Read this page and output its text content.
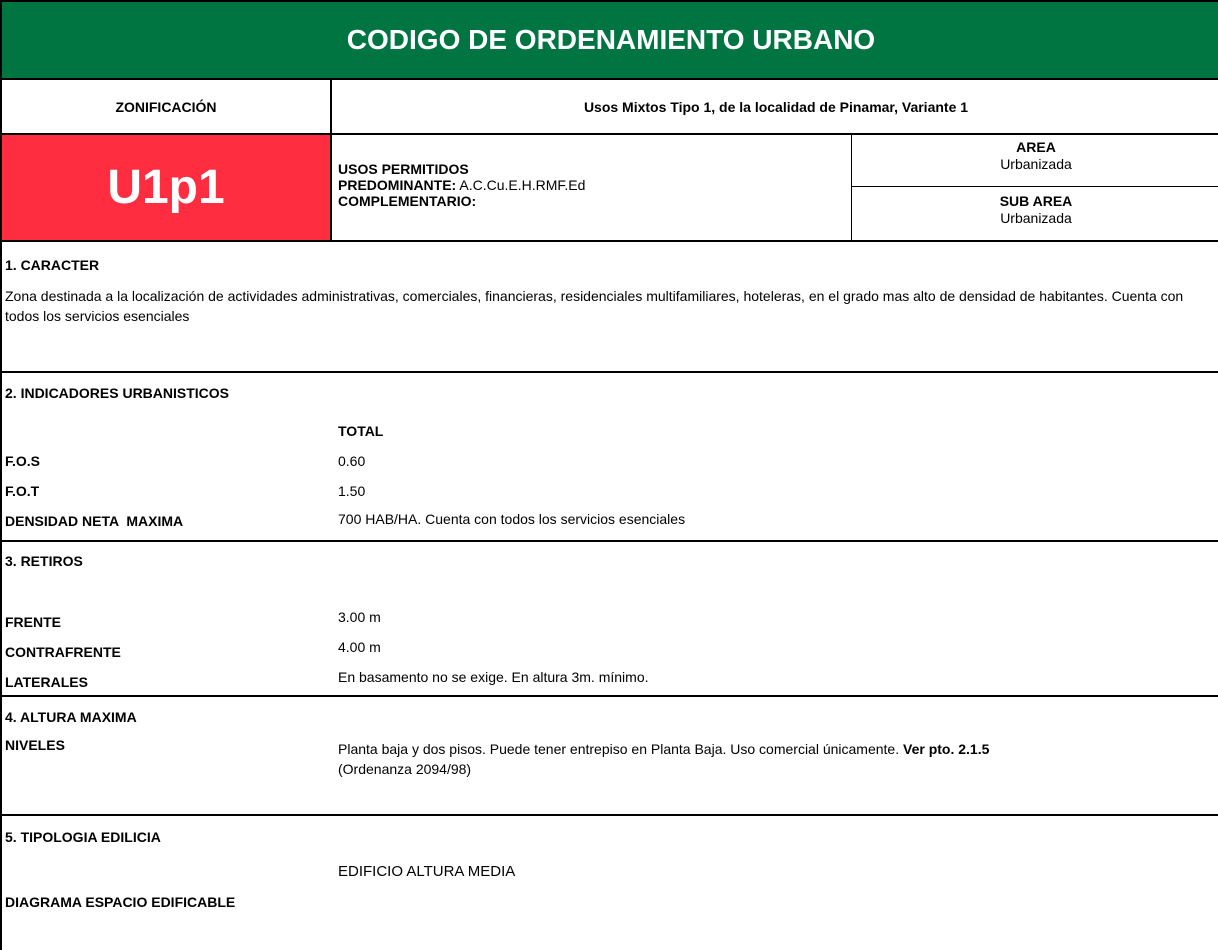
CODIGO DE ORDENAMIENTO URBANO
ZONIFICACIÓN	Usos Mixtos Tipo 1, de la localidad de Pinamar, Variante 1
U1p1	USOS PERMITIDOS
PREDOMINANTE: A.C.Cu.E.H.RMF.Ed
COMPLEMENTARIO:
AREA
Urbanizada
SUB AREA
Urbanizada
1. CARACTER
Zona destinada a la localización de actividades administrativas, comerciales, financieras, residenciales multifamiliares, hoteleras, en el grado mas alto de densidad de habitantes. Cuenta con todos los servicios esenciales
2. INDICADORES URBANISTICOS
TOTAL
F.O.S	0.60
F.O.T	1.50
DENSIDAD NETA  MAXIMA	700 HAB/HA. Cuenta con todos los servicios esenciales
3. RETIROS
FRENTE	3.00 m
CONTRAFRENTE	4.00 m
LATERALES	En basamento no se exige. En altura 3m. mínimo.
4. ALTURA MAXIMA
NIVELES	Planta baja y dos pisos. Puede tener entrepiso en Planta Baja. Uso comercial únicamente. Ver pto. 2.1.5
(Ordenanza 2094/98)
5. TIPOLOGIA EDILICIA
EDIFICIO ALTURA MEDIA
DIAGRAMA ESPACIO EDIFICABLE
